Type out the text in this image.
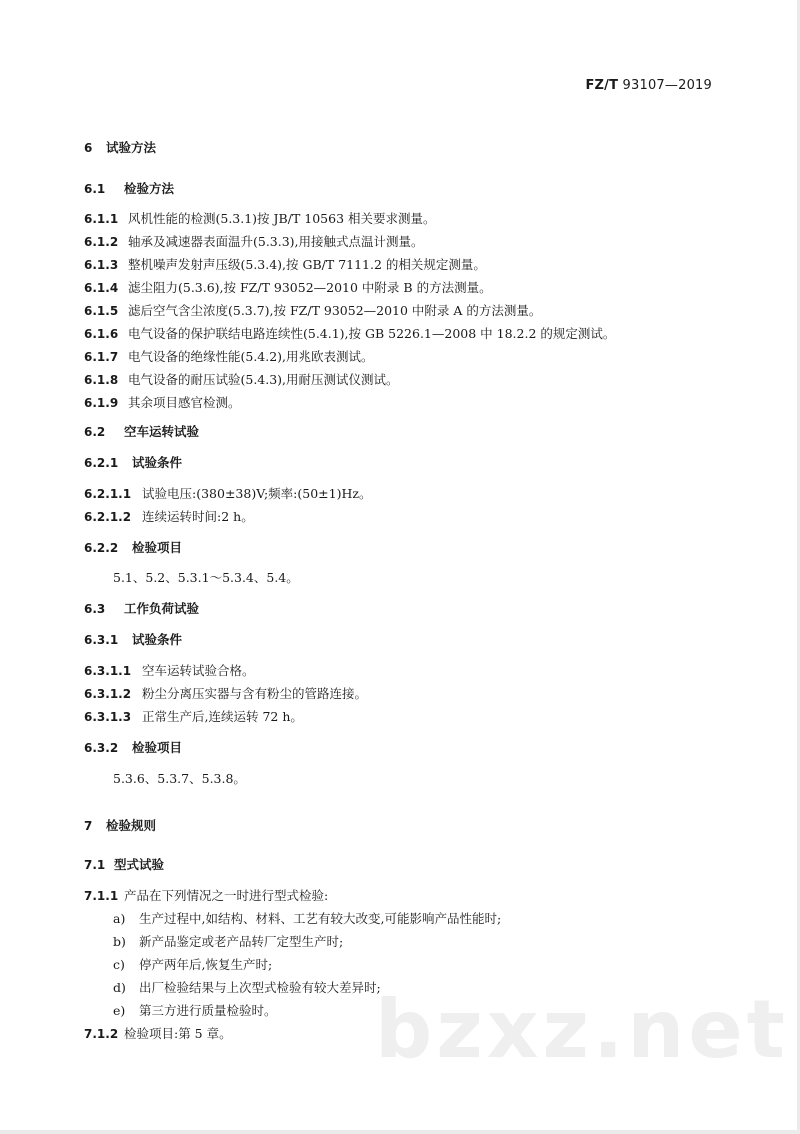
FZ/T 93107—2019
6 试验方法
6.1 检验方法
6.1.1 风机性能的检测(5.3.1)按 JB/T 10563 相关要求测量。
6.1.2 轴承及减速器表面温升(5.3.3),用接触式点温计测量。
6.1.3 整机噪声发射声压级(5.3.4),按 GB/T 7111.2 的相关规定测量。
6.1.4 滤尘阻力(5.3.6),按 FZ/T 93052—2010 中附录 B 的方法测量。
6.1.5 滤后空气含尘浓度(5.3.7),按 FZ/T 93052—2010 中附录 A 的方法测量。
6.1.6 电气设备的保护联结电路连续性(5.4.1),按 GB 5226.1—2008 中 18.2.2 的规定测试。
6.1.7 电气设备的绝缘性能(5.4.2),用兆欧表测试。
6.1.8 电气设备的耐压试验(5.4.3),用耐压测试仪测试。
6.1.9 其余项目感官检测。
6.2 空车运转试验
6.2.1 试验条件
6.2.1.1 试验电压:(380±38)V;频率:(50±1)Hz。
6.2.1.2 连续运转时间:2 h。
6.2.2 检验项目
5.1、5.2、5.3.1～5.3.4、5.4。
6.3 工作负荷试验
6.3.1 试验条件
6.3.1.1 空车运转试验合格。
6.3.1.2 粉尘分离压实器与含有粉尘的管路连接。
6.3.1.3 正常生产后,连续运转 72 h。
6.3.2 检验项目
5.3.6、5.3.7、5.3.8。
7 检验规则
7.1 型式试验
7.1.1 产品在下列情况之一时进行型式检验:
a) 生产过程中,如结构、材料、工艺有较大改变,可能影响产品性能时;
b) 新产品鉴定或老产品转厂定型生产时;
c) 停产两年后,恢复生产时;
d) 出厂检验结果与上次型式检验有较大差异时;
bzxz.net
e) 第三方进行质量检验时。
7.1.2 检验项目:第 5 章。
